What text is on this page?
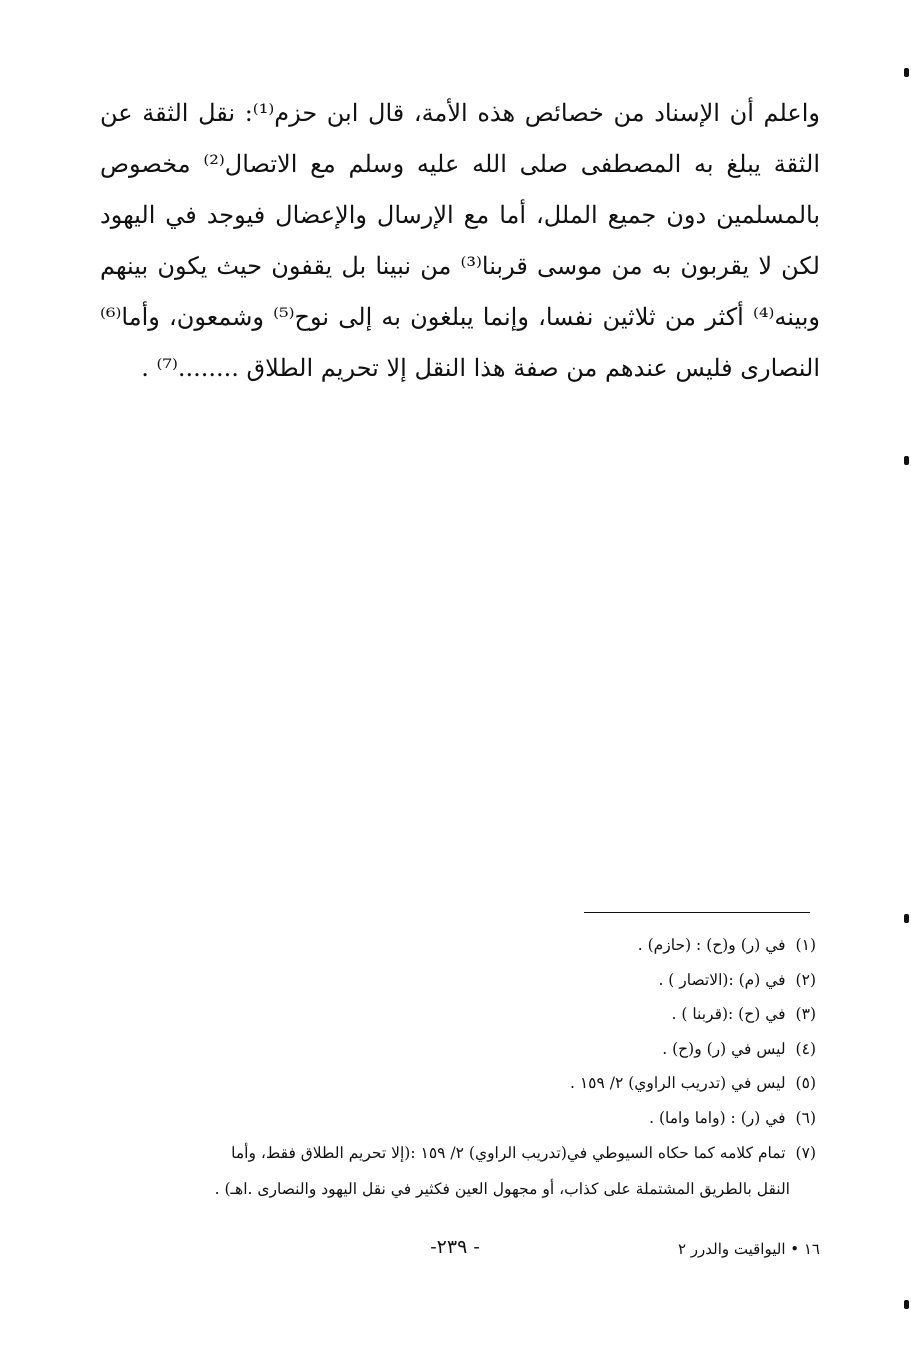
واعلم أن الإسناد من خصائص هذه الأمة، قال ابن حزم⁽¹⁾: نقل الثقة عن الثقة يبلغ به المصطفى صلى الله عليه وسلم مع الاتصال⁽²⁾ مخصوص بالمسلمين دون جميع الملل، أما مع الإرسال والإعضال فيوجد في اليهود لكن لا يقربون به من موسى قربنا⁽³⁾ من نبينا بل يقفون حيث يكون بينهم وبينه⁽⁴⁾ أكثر من ثلاثين نفسا، وإنما يبلغون به إلى نوح⁽⁵⁾ وشمعون، وأما⁽⁶⁾ النصارى فليس عندهم من صفة هذا النقل إلا تحريم الطلاق ........⁽⁷⁾ .

(١)في (ر) و(ح) : (حازم) .
(٢)في (م) :(الاتصار ) .
(٣)في (ح) :(قربنا ) .
(٤)ليس في (ر) و(ح) .
(٥)ليس في (تدريب الراوي) ٢/ ١٥٩ .
(٦)في (ر) : (واما واما) .
(٧)تمام كلامه كما حكاه السيوطي في(تدريب الراوي) ٢/ ١٥٩ :(إلا تحريم الطلاق فقط، وأما
النقل بالطريق المشتملة على كذاب، أو مجهول العين فكثير في نقل اليهود والنصارى .اهـ) .
- ٢٣٩-	١٦ • اليواقيت والدرر ٢
